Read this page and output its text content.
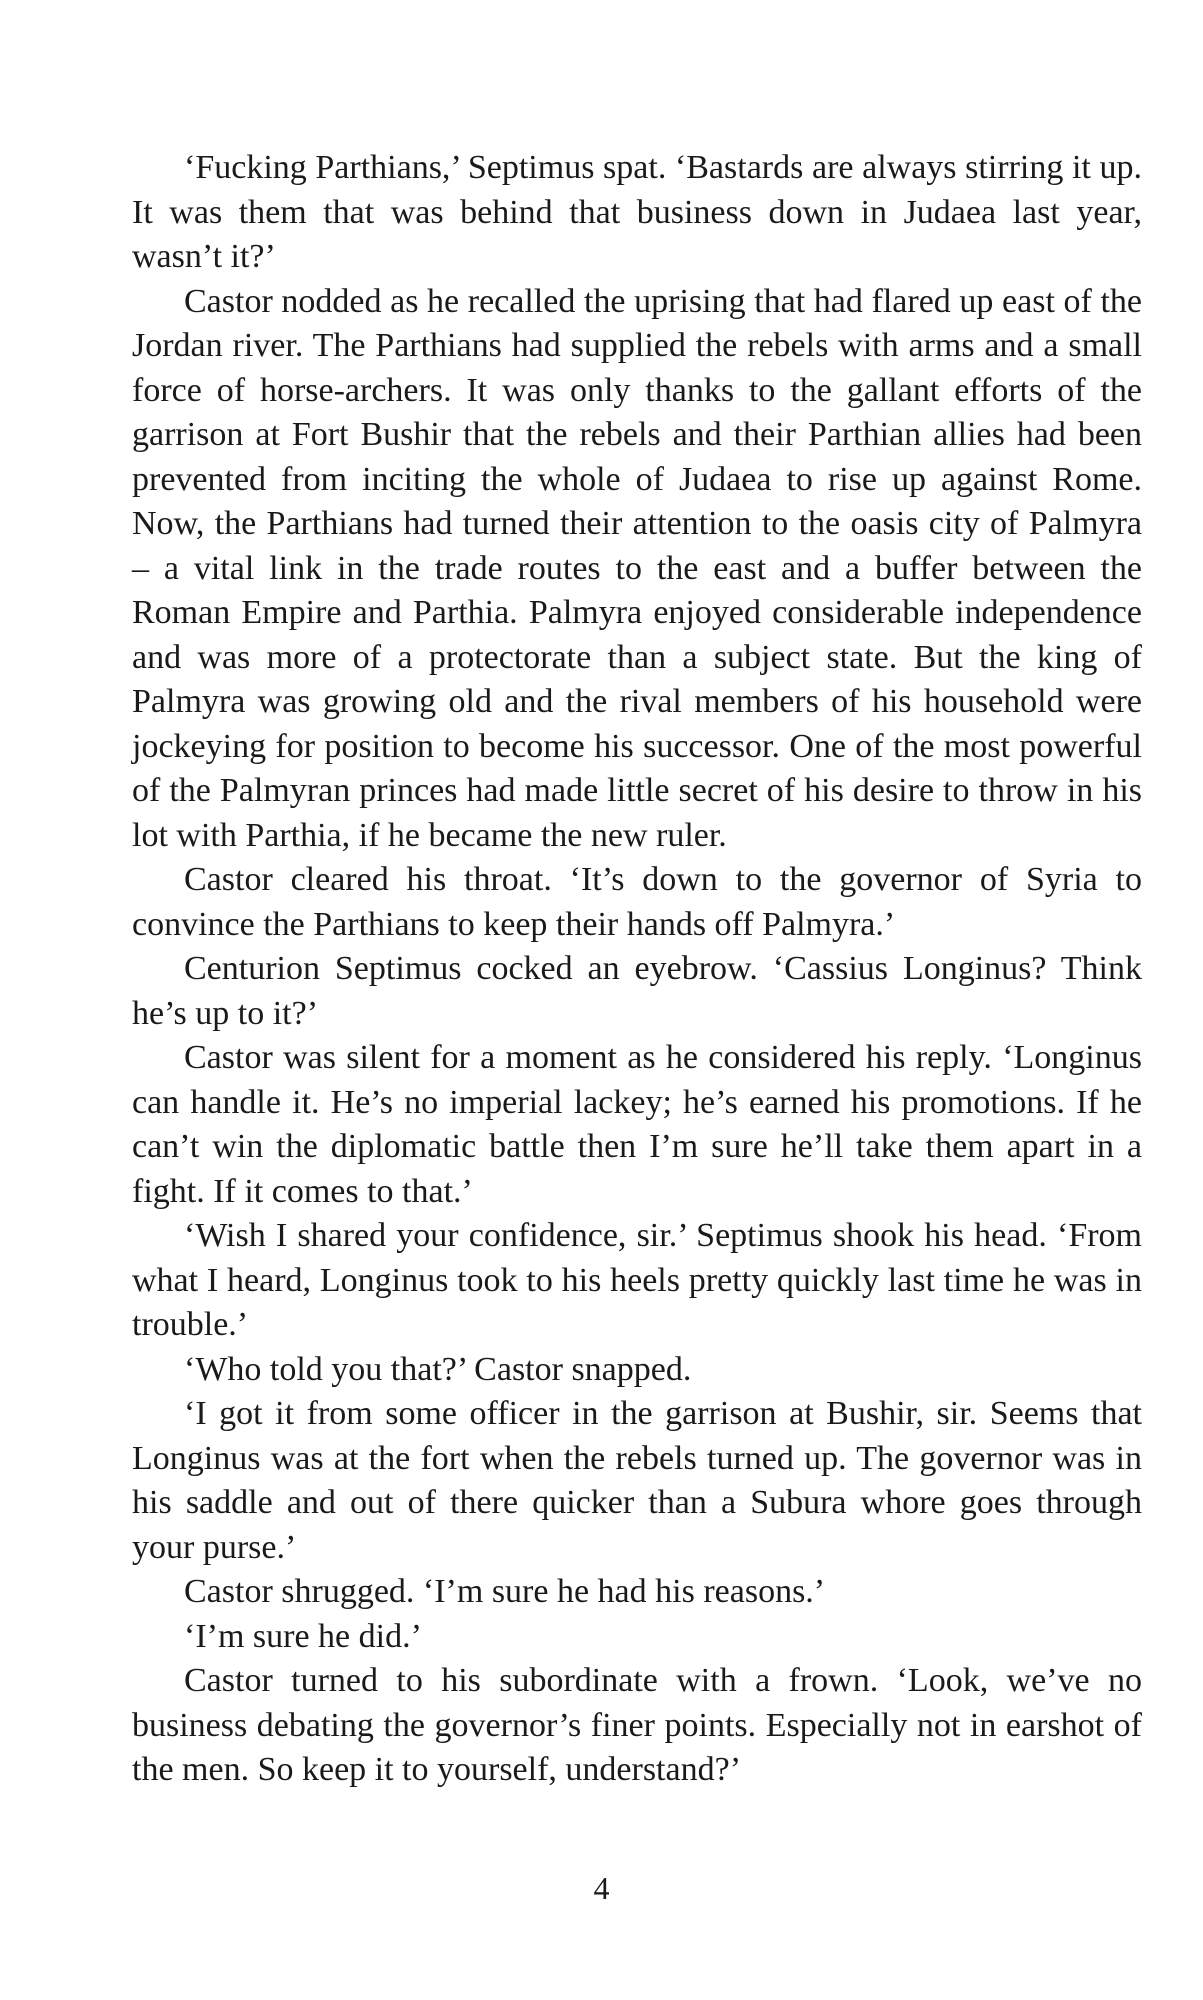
‘Fucking Parthians,’ Septimus spat. ‘Bastards are always stirring it up. It was them that was behind that business down in Judaea last year, wasn’t it?’

Castor nodded as he recalled the uprising that had flared up east of the Jordan river. The Parthians had supplied the rebels with arms and a small force of horse-archers. It was only thanks to the gallant efforts of the garrison at Fort Bushir that the rebels and their Parthian allies had been prevented from inciting the whole of Judaea to rise up against Rome. Now, the Parthians had turned their attention to the oasis city of Palmyra – a vital link in the trade routes to the east and a buffer between the Roman Empire and Parthia. Palmyra enjoyed considerable independence and was more of a protectorate than a subject state. But the king of Palmyra was growing old and the rival members of his household were jockeying for position to become his successor. One of the most powerful of the Palmyran princes had made little secret of his desire to throw in his lot with Parthia, if he became the new ruler.

Castor cleared his throat. ‘It’s down to the governor of Syria to convince the Parthians to keep their hands off Palmyra.’

Centurion Septimus cocked an eyebrow. ‘Cassius Longinus? Think he’s up to it?’

Castor was silent for a moment as he considered his reply. ‘Longinus can handle it. He’s no imperial lackey; he’s earned his promotions. If he can’t win the diplomatic battle then I’m sure he’ll take them apart in a fight. If it comes to that.’

‘Wish I shared your confidence, sir.’ Septimus shook his head. ‘From what I heard, Longinus took to his heels pretty quickly last time he was in trouble.’

‘Who told you that?’ Castor snapped.

‘I got it from some officer in the garrison at Bushir, sir. Seems that Longinus was at the fort when the rebels turned up. The governor was in his saddle and out of there quicker than a Subura whore goes through your purse.’

Castor shrugged. ‘I’m sure he had his reasons.’

‘I’m sure he did.’

Castor turned to his subordinate with a frown. ‘Look, we’ve no business debating the governor’s finer points. Especially not in earshot of the men. So keep it to yourself, understand?’

4
